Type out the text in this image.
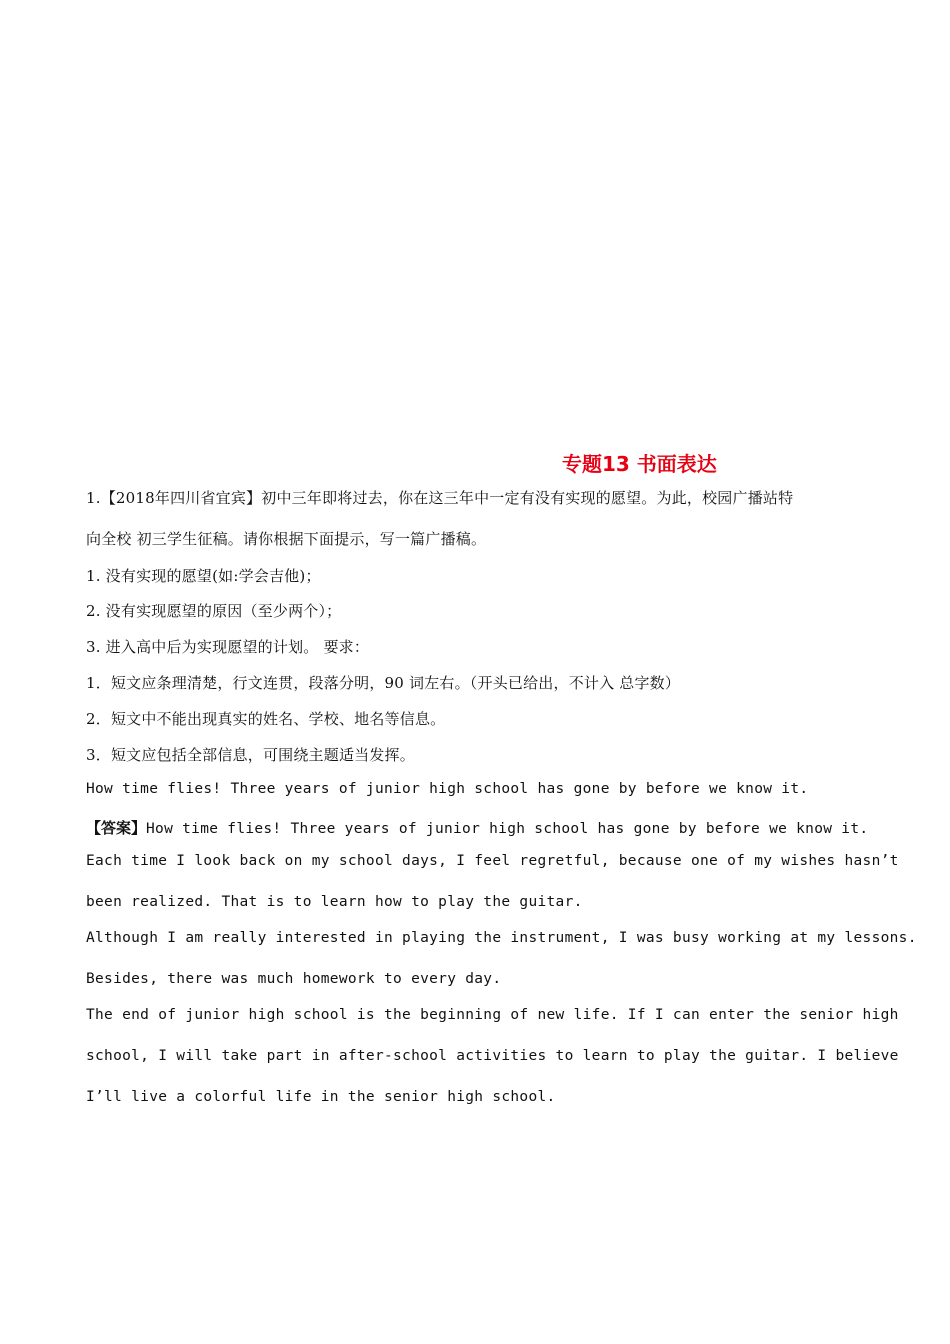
专题13 书面表达
1.【2018年四川省宜宾】初中三年即将过去，你在这三年中一定有没有实现的愿望。为此，校园广播站特
向全校 初三学生征稿。请你根据下面提示，写一篇广播稿。
1. 没有实现的愿望(如:学会吉他)；
2. 没有实现愿望的原因（至少两个）；
3. 进入高中后为实现愿望的计划。 要求：
1．短文应条理清楚，行文连贯，段落分明，90 词左右。（开头已给出，不计入 总字数）
2．短文中不能出现真实的姓名、学校、地名等信息。
3．短文应包括全部信息，可围绕主题适当发挥。
How time flies! Three years of junior high school has gone by before we know it.
【答案】How time flies! Three years of junior high school has gone by before we know it.
Each time I look back on my school days, I feel regretful, because one of my wishes hasn’t
been realized. That is to learn how to play the guitar.
Although I am really interested in playing the instrument, I was busy working at my lessons.
Besides, there was much homework to every day.
The end of junior high school is the beginning of new life. If I can enter the senior high
school, I will take part in after-school activities to learn to play the guitar. I believe
I’ll live a colorful life in the senior high school.
